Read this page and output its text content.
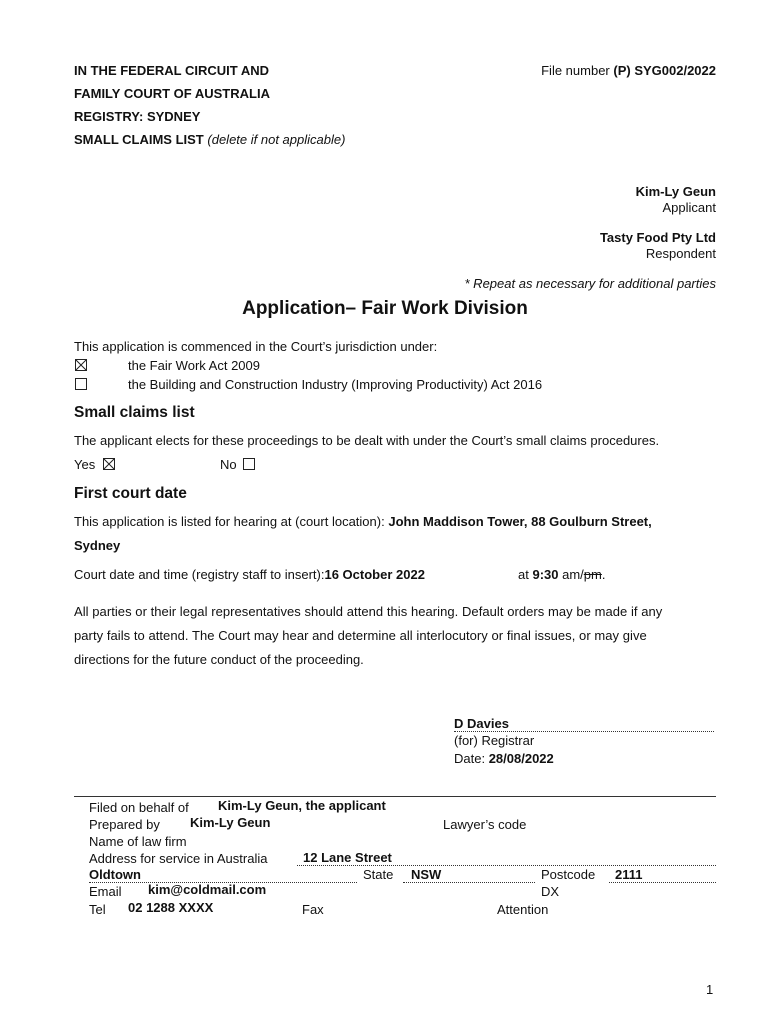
IN THE FEDERAL CIRCUIT AND
FAMILY COURT OF AUSTRALIA
REGISTRY: SYDNEY
SMALL CLAIMS LIST (delete if not applicable)
File number (P) SYG002/2022
Kim-Ly Geun
Applicant
Tasty Food Pty Ltd
Respondent
* Repeat as necessary for additional parties
Application– Fair Work Division
This application is commenced in the Court’s jurisdiction under:
the Fair Work Act 2009
the Building and Construction Industry (Improving Productivity) Act 2016
Small claims list
The applicant elects for these proceedings to be dealt with under the Court’s small claims procedures.
Yes	No
First court date
This application is listed for hearing at (court location): John Maddison Tower, 88 Goulburn Street,
Sydney
Court date and time (registry staff to insert):16 October 2022	at 9:30 am/pm.
All parties or their legal representatives should attend this hearing. Default orders may be made if any
party fails to attend. The Court may hear and determine all interlocutory or final issues, or may give
directions for the future conduct of the proceeding.
D Davies
(for) Registrar
Date: 28/08/2022
Filed on behalf of Kim-Ly Geun, the applicant
Prepared by Kim-Ly Geun	Lawyer’s code
Name of law firm
Address for service in Australia	12 Lane Street
Oldtown	State NSW	Postcode 2111
Email kim@coldmail.com	DX
Tel 02 1288 XXXX	Fax	Attention
1
